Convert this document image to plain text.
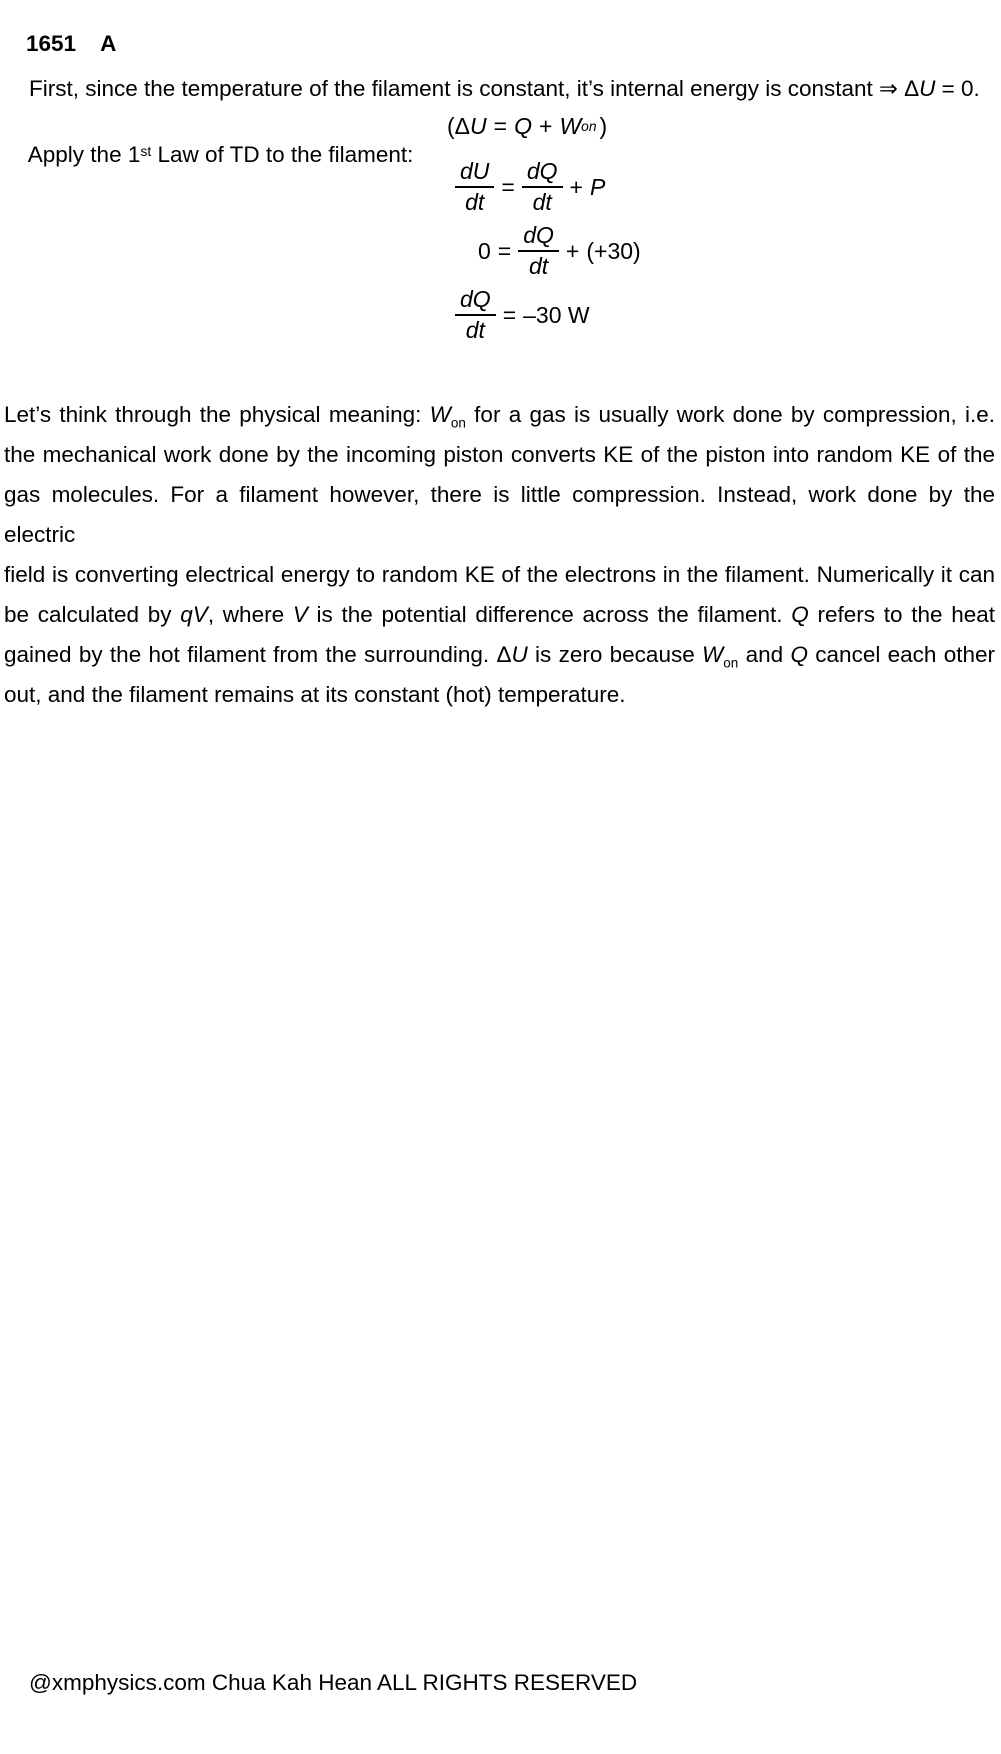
1651 A

First, since the temperature of the filament is constant, it’s internal energy is constant ⇒ ΔU = 0.

Apply the 1st Law of TD to the filament:

( Δ U = Q + W on )
$\frac{dU}{dt} = \frac{dQ}{dt} + P$
$0 = \frac{dQ}{dt} + (+30)$
$\frac{dQ}{dt} = -30$ W
Let’s think through the physical meaning: $W_{on}$ for a gas is usually work done by compression, i.e.
the mechanical work done by the incoming piston converts KE of the piston into random KE of the
gas molecules. For a filament however, there is little compression. Instead, work done by the electric
field is converting electrical energy to random KE of the electrons in the filament. Numerically it can
be calculated by qV, where V is the potential difference across the filament. Q refers to the heat
gained by the hot filament from the surrounding. ΔU is zero because $W_{on}$ and Q cancel each other
out, and the filament remains at its constant (hot) temperature.

@xmphysics.com Chua Kah Hean ALL RIGHTS RESERVED
